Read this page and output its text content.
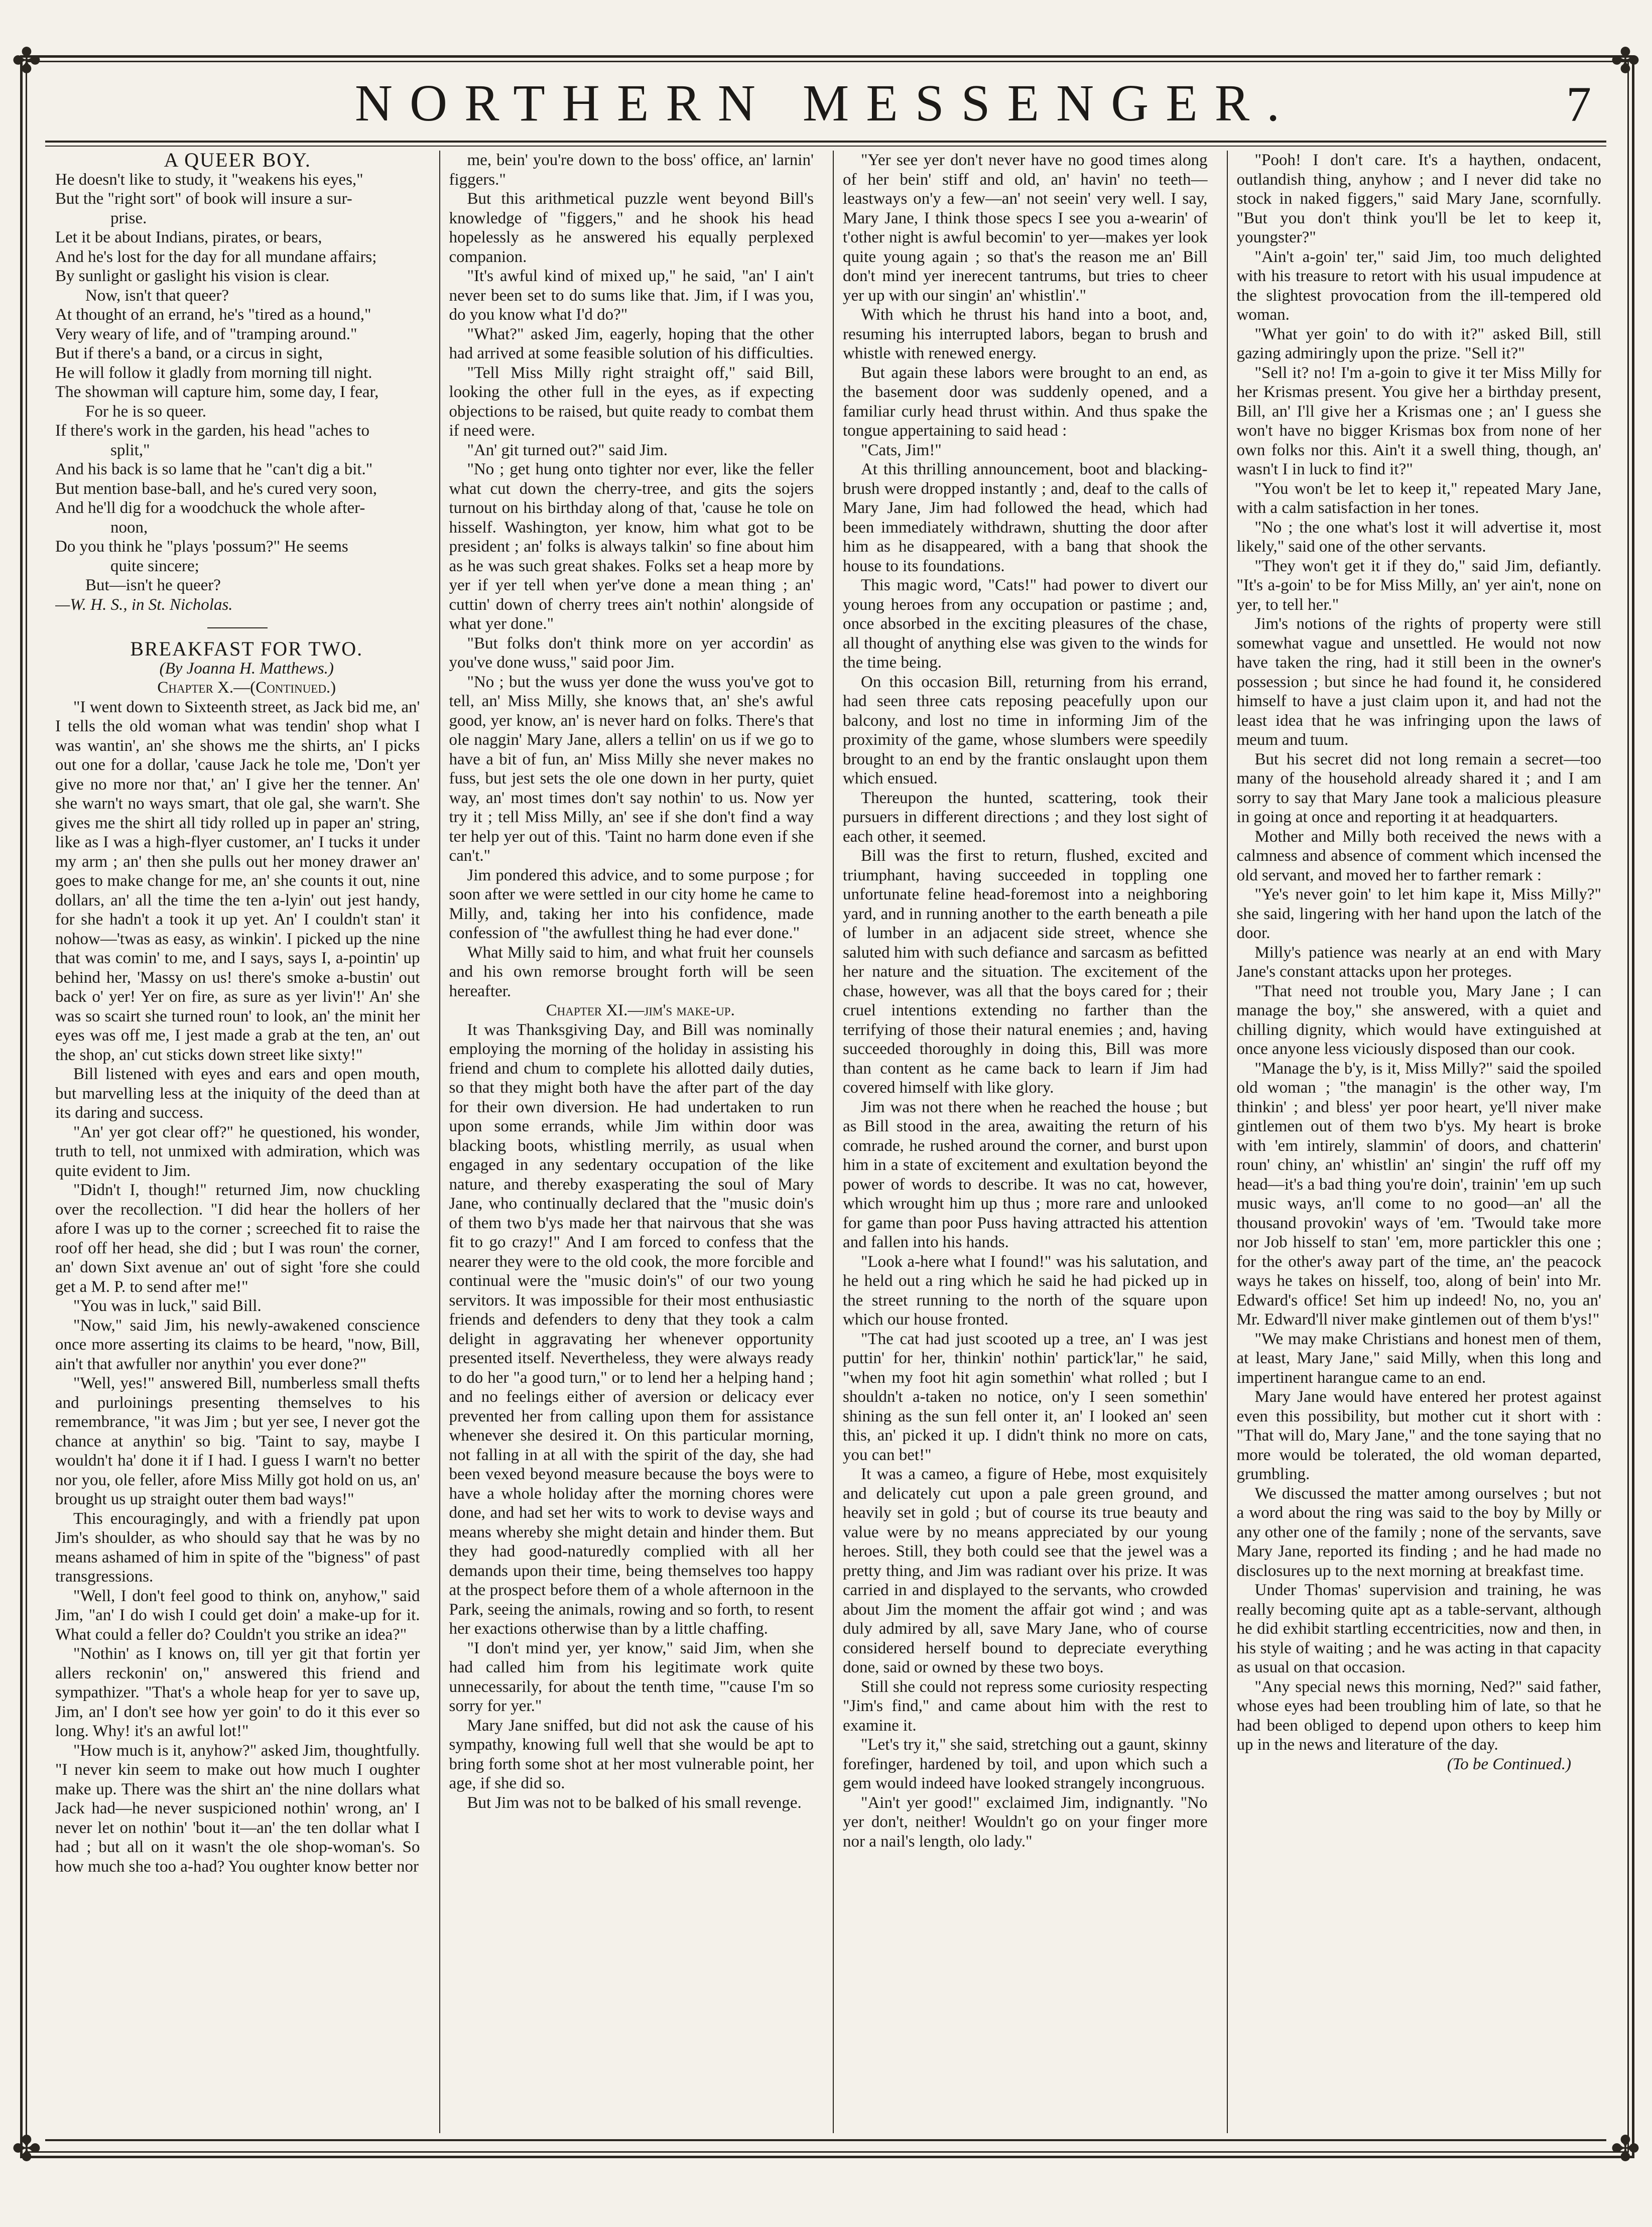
✤	✤
✤	✤
NORTHERN MESSENGER.	7

A QUEER BOY.

He doesn't like to study, it "weakens his eyes,"

But the "right sort" of book will insure a sur-

prise.

Let it be about Indians, pirates, or bears,

And he's lost for the day for all mundane affairs;

By sunlight or gaslight his vision is clear.

Now, isn't that queer?

At thought of an errand, he's "tired as a hound,"

Very weary of life, and of "tramping around."

But if there's a band, or a circus in sight,

He will follow it gladly from morning till night.

The showman will capture him, some day, I fear,

For he is so queer.

If there's work in the garden, his head "aches to

split,"

And his back is so lame that he "can't dig a bit."

But mention base-ball, and he's cured very soon,

And he'll dig for a woodchuck the whole after-

noon,

Do you think he "plays 'possum?" He seems

quite sincere;

But—isn't he queer?

—W. H. S., in St. Nicholas.

BREAKFAST FOR TWO.

(By Joanna H. Matthews.)

Chapter X.—(Continued.)

"I went down to Sixteenth street, as Jack bid me, an' I tells the old woman what was tendin' shop what I was wantin', an' she shows me the shirts, an' I picks out one for a dollar, 'cause Jack he tole me, 'Don't yer give no more nor that,' an' I give her the tenner. An' she warn't no ways smart, that ole gal, she warn't. She gives me the shirt all tidy rolled up in paper an' string, like as I was a high-flyer customer, an' I tucks it under my arm ; an' then she pulls out her money drawer an' goes to make change for me, an' she counts it out, nine dollars, an' all the time the ten a-lyin' out jest handy, for she hadn't a took it up yet. An' I couldn't stan' it nohow—'twas as easy, as winkin'. I picked up the nine that was comin' to me, and I says, says I, a-pointin' up behind her, 'Massy on us! there's smoke a-bustin' out back o' yer! Yer on fire, as sure as yer livin'!' An' she was so scairt she turned roun' to look, an' the minit her eyes was off me, I jest made a grab at the ten, an' out the shop, an' cut sticks down street like sixty!"

Bill listened with eyes and ears and open mouth, but marvelling less at the iniquity of the deed than at its daring and success.

"An' yer got clear off?" he questioned, his wonder, truth to tell, not unmixed with admiration, which was quite evident to Jim.

"Didn't I, though!" returned Jim, now chuckling over the recollection. "I did hear the hollers of her afore I was up to the corner ; screeched fit to raise the roof off her head, she did ; but I was roun' the corner, an' down Sixt avenue an' out of sight 'fore she could get a M. P. to send after me!"

"You was in luck," said Bill.

"Now," said Jim, his newly-awakened conscience once more asserting its claims to be heard, "now, Bill, ain't that awfuller nor anythin' you ever done?"

"Well, yes!" answered Bill, numberless small thefts and purloinings presenting themselves to his remembrance, "it was Jim ; but yer see, I never got the chance at anythin' so big. 'Taint to say, maybe I wouldn't ha' done it if I had. I guess I warn't no better nor you, ole feller, afore Miss Milly got hold on us, an' brought us up straight outer them bad ways!"

This encouragingly, and with a friendly pat upon Jim's shoulder, as who should say that he was by no means ashamed of him in spite of the "bigness" of past transgressions.

"Well, I don't feel good to think on, anyhow," said Jim, "an' I do wish I could get doin' a make-up for it. What could a feller do? Couldn't you strike an idea?"

"Nothin' as I knows on, till yer git that fortin yer allers reckonin' on," answered this friend and sympathizer. "That's a whole heap for yer to save up, Jim, an' I don't see how yer goin' to do it this ever so long. Why! it's an awful lot!"

"How much is it, anyhow?" asked Jim, thoughtfully. "I never kin seem to make out how much I oughter make up. There was the shirt an' the nine dollars what Jack had—he never suspicioned nothin' wrong, an' I never let on nothin' 'bout it—an' the ten dollar what I had ; but all on it wasn't the ole shop-woman's. So how much she too a-had? You oughter know better nor

me, bein' you're down to the boss' office, an' larnin' figgers."

But this arithmetical puzzle went beyond Bill's knowledge of "figgers," and he shook his head hopelessly as he answered his equally perplexed companion.

"It's awful kind of mixed up," he said, "an' I ain't never been set to do sums like that. Jim, if I was you, do you know what I'd do?"

"What?" asked Jim, eagerly, hoping that the other had arrived at some feasible solution of his difficulties.

"Tell Miss Milly right straight off," said Bill, looking the other full in the eyes, as if expecting objections to be raised, but quite ready to combat them if need were.

"An' git turned out?" said Jim.

"No ; get hung onto tighter nor ever, like the feller what cut down the cherry-tree, and gits the sojers turnout on his birthday along of that, 'cause he tole on hisself. Washington, yer know, him what got to be president ; an' folks is always talkin' so fine about him as he was such great shakes. Folks set a heap more by yer if yer tell when yer've done a mean thing ; an' cuttin' down of cherry trees ain't nothin' alongside of what yer done."

"But folks don't think more on yer accordin' as you've done wuss," said poor Jim.

"No ; but the wuss yer done the wuss you've got to tell, an' Miss Milly, she knows that, an' she's awful good, yer know, an' is never hard on folks. There's that ole naggin' Mary Jane, allers a tellin' on us if we go to have a bit of fun, an' Miss Milly she never makes no fuss, but jest sets the ole one down in her purty, quiet way, an' most times don't say nothin' to us. Now yer try it ; tell Miss Milly, an' see if she don't find a way ter help yer out of this. 'Taint no harm done even if she can't."

Jim pondered this advice, and to some purpose ; for soon after we were settled in our city home he came to Milly, and, taking her into his confidence, made confession of "the awfullest thing he had ever done."

What Milly said to him, and what fruit her counsels and his own remorse brought forth will be seen hereafter.

Chapter XI.—jim's make-up.

It was Thanksgiving Day, and Bill was nominally employing the morning of the holiday in assisting his friend and chum to complete his allotted daily duties, so that they might both have the after part of the day for their own diversion. He had undertaken to run upon some errands, while Jim within door was blacking boots, whistling merrily, as usual when engaged in any sedentary occupation of the like nature, and thereby exasperating the soul of Mary Jane, who continually declared that the "music doin's of them two b'ys made her that nairvous that she was fit to go crazy!" And I am forced to confess that the nearer they were to the old cook, the more forcible and continual were the "music doin's" of our two young servitors. It was impossible for their most enthusiastic friends and defenders to deny that they took a calm delight in aggravating her whenever opportunity presented itself. Nevertheless, they were always ready to do her "a good turn," or to lend her a helping hand ; and no feelings either of aversion or delicacy ever prevented her from calling upon them for assistance whenever she desired it. On this particular morning, not falling in at all with the spirit of the day, she had been vexed beyond measure because the boys were to have a whole holiday after the morning chores were done, and had set her wits to work to devise ways and means whereby she might detain and hinder them. But they had good-naturedly complied with all her demands upon their time, being themselves too happy at the prospect before them of a whole afternoon in the Park, seeing the animals, rowing and so forth, to resent her exactions otherwise than by a little chaffing.

"I don't mind yer, yer know," said Jim, when she had called him from his legitimate work quite unnecessarily, for about the tenth time, "'cause I'm so sorry for yer."

Mary Jane sniffed, but did not ask the cause of his sympathy, knowing full well that she would be apt to bring forth some shot at her most vulnerable point, her age, if she did so.

But Jim was not to be balked of his small revenge.

"Yer see yer don't never have no good times along of her bein' stiff and old, an' havin' no teeth—leastways on'y a few—an' not seein' very well. I say, Mary Jane, I think those specs I see you a-wearin' of t'other night is awful becomin' to yer—makes yer look quite young again ; so that's the reason me an' Bill don't mind yer inerecent tantrums, but tries to cheer yer up with our singin' an' whistlin'."

With which he thrust his hand into a boot, and, resuming his interrupted labors, began to brush and whistle with renewed energy.

But again these labors were brought to an end, as the basement door was suddenly opened, and a familiar curly head thrust within. And thus spake the tongue appertaining to said head :

"Cats, Jim!"

At this thrilling announcement, boot and blacking-brush were dropped instantly ; and, deaf to the calls of Mary Jane, Jim had followed the head, which had been immediately withdrawn, shutting the door after him as he disappeared, with a bang that shook the house to its foundations.

This magic word, "Cats!" had power to divert our young heroes from any occupation or pastime ; and, once absorbed in the exciting pleasures of the chase, all thought of anything else was given to the winds for the time being.

On this occasion Bill, returning from his errand, had seen three cats reposing peacefully upon our balcony, and lost no time in informing Jim of the proximity of the game, whose slumbers were speedily brought to an end by the frantic onslaught upon them which ensued.

Thereupon the hunted, scattering, took their pursuers in different directions ; and they lost sight of each other, it seemed.

Bill was the first to return, flushed, excited and triumphant, having succeeded in toppling one unfortunate feline head-foremost into a neighboring yard, and in running another to the earth beneath a pile of lumber in an adjacent side street, whence she saluted him with such defiance and sarcasm as befitted her nature and the situation. The excitement of the chase, however, was all that the boys cared for ; their cruel intentions extending no farther than the terrifying of those their natural enemies ; and, having succeeded thoroughly in doing this, Bill was more than content as he came back to learn if Jim had covered himself with like glory.

Jim was not there when he reached the house ; but as Bill stood in the area, awaiting the return of his comrade, he rushed around the corner, and burst upon him in a state of excitement and exultation beyond the power of words to describe. It was no cat, however, which wrought him up thus ; more rare and unlooked for game than poor Puss having attracted his attention and fallen into his hands.

"Look a-here what I found!" was his salutation, and he held out a ring which he said he had picked up in the street running to the north of the square upon which our house fronted.

"The cat had just scooted up a tree, an' I was jest puttin' for her, thinkin' nothin' partick'lar," he said, "when my foot hit agin somethin' what rolled ; but I shouldn't a-taken no notice, on'y I seen somethin' shining as the sun fell onter it, an' I looked an' seen this, an' picked it up. I didn't think no more on cats, you can bet!"

It was a cameo, a figure of Hebe, most exquisitely and delicately cut upon a pale green ground, and heavily set in gold ; but of course its true beauty and value were by no means appreciated by our young heroes. Still, they both could see that the jewel was a pretty thing, and Jim was radiant over his prize. It was carried in and displayed to the servants, who crowded about Jim the moment the affair got wind ; and was duly admired by all, save Mary Jane, who of course considered herself bound to depreciate everything done, said or owned by these two boys.

Still she could not repress some curiosity respecting "Jim's find," and came about him with the rest to examine it.

"Let's try it," she said, stretching out a gaunt, skinny forefinger, hardened by toil, and upon which such a gem would indeed have looked strangely incongruous.

"Ain't yer good!" exclaimed Jim, indignantly. "No yer don't, neither! Wouldn't go on your finger more nor a nail's length, olo lady."

"Pooh! I don't care. It's a haythen, ondacent, outlandish thing, anyhow ; and I never did take no stock in naked figgers," said Mary Jane, scornfully. "But you don't think you'll be let to keep it, youngster?"

"Ain't a-goin' ter," said Jim, too much delighted with his treasure to retort with his usual impudence at the slightest provocation from the ill-tempered old woman.

"What yer goin' to do with it?" asked Bill, still gazing admiringly upon the prize. "Sell it?"

"Sell it? no! I'm a-goin to give it ter Miss Milly for her Krismas present. You give her a birthday present, Bill, an' I'll give her a Krismas one ; an' I guess she won't have no bigger Krismas box from none of her own folks nor this. Ain't it a swell thing, though, an' wasn't I in luck to find it?"

"You won't be let to keep it," repeated Mary Jane, with a calm satisfaction in her tones.

"No ; the one what's lost it will advertise it, most likely," said one of the other servants.

"They won't get it if they do," said Jim, defiantly. "It's a-goin' to be for Miss Milly, an' yer ain't, none on yer, to tell her."

Jim's notions of the rights of property were still somewhat vague and unsettled. He would not now have taken the ring, had it still been in the owner's possession ; but since he had found it, he considered himself to have a just claim upon it, and had not the least idea that he was infringing upon the laws of meum and tuum.

But his secret did not long remain a secret—too many of the household already shared it ; and I am sorry to say that Mary Jane took a malicious pleasure in going at once and reporting it at headquarters.

Mother and Milly both received the news with a calmness and absence of comment which incensed the old servant, and moved her to farther remark :

"Ye's never goin' to let him kape it, Miss Milly?" she said, lingering with her hand upon the latch of the door.

Milly's patience was nearly at an end with Mary Jane's constant attacks upon her proteges.

"That need not trouble you, Mary Jane ; I can manage the boy," she answered, with a quiet and chilling dignity, which would have extinguished at once anyone less viciously disposed than our cook.

"Manage the b'y, is it, Miss Milly?" said the spoiled old woman ; "the managin' is the other way, I'm thinkin' ; and bless' yer poor heart, ye'll niver make gintlemen out of them two b'ys. My heart is broke with 'em intirely, slammin' of doors, and chatterin' roun' chiny, an' whistlin' an' singin' the ruff off my head—it's a bad thing you're doin', trainin' 'em up such music ways, an'll come to no good—an' all the thousand provokin' ways of 'em. 'Twould take more nor Job hisself to stan' 'em, more partickler this one ; for the other's away part of the time, an' the peacock ways he takes on hisself, too, along of bein' into Mr. Edward's office! Set him up indeed! No, no, you an' Mr. Edward'll niver make gintlemen out of them b'ys!"

"We may make Christians and honest men of them, at least, Mary Jane," said Milly, when this long and impertinent harangue came to an end.

Mary Jane would have entered her protest against even this possibility, but mother cut it short with : "That will do, Mary Jane," and the tone saying that no more would be tolerated, the old woman departed, grumbling.

We discussed the matter among ourselves ; but not a word about the ring was said to the boy by Milly or any other one of the family ; none of the servants, save Mary Jane, reported its finding ; and he had made no disclosures up to the next morning at breakfast time.

Under Thomas' supervision and training, he was really becoming quite apt as a table-servant, although he did exhibit startling eccentricities, now and then, in his style of waiting ; and he was acting in that capacity as usual on that occasion.

"Any special news this morning, Ned?" said father, whose eyes had been troubling him of late, so that he had been obliged to depend upon others to keep him up in the news and literature of the day.

(To be Continued.)
